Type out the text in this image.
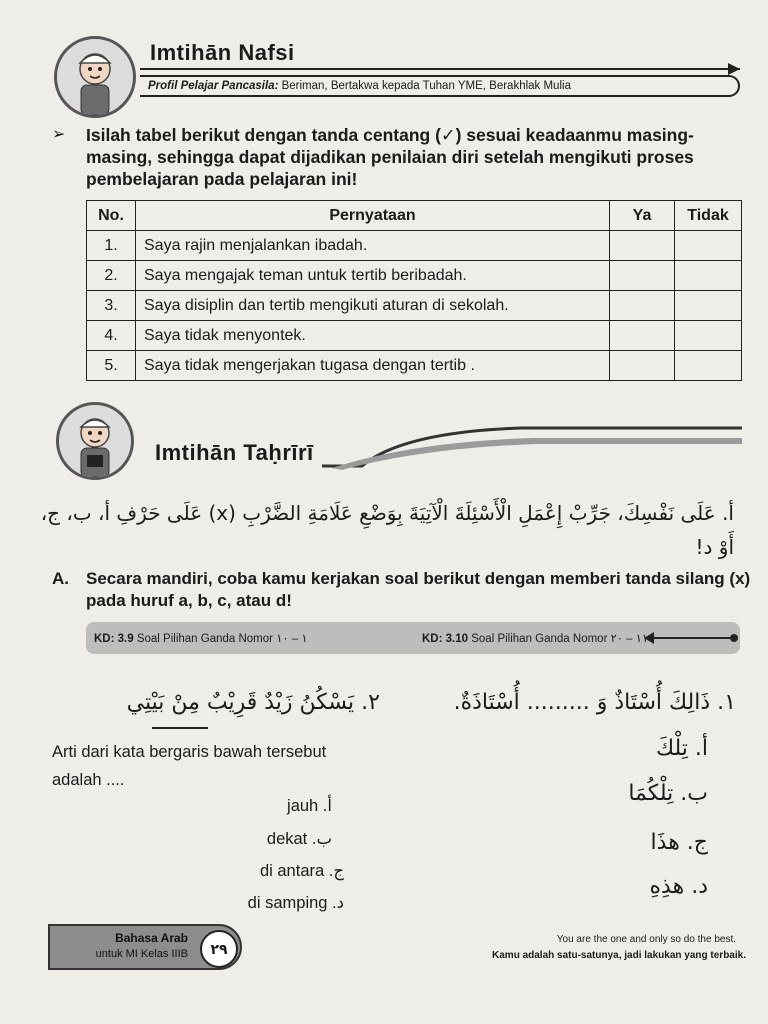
Imtihān Nafsi
Profil Pelajar Pancasila: Beriman, Bertakwa kepada Tuhan YME, Berakhlak Mulia
➢ Isilah tabel berikut dengan tanda centang (✓) sesuai keadaanmu masing-masing, sehingga dapat dijadikan penilaian diri setelah mengikuti proses pembelajaran pada pelajaran ini!
No.	Pernyataan	Ya	Tidak
1.	Saya rajin menjalankan ibadah.		
2.	Saya mengajak teman untuk tertib beribadah.		
3.	Saya disiplin dan tertib mengikuti aturan di sekolah.		
4.	Saya tidak menyontek.		
5.	Saya tidak mengerjakan tugasa dengan tertib .		
Imtihān Taḥrīrī
أ. عَلَى نَفْسِكَ، جَرِّبْ إِعْمَلِ الْأَسْئِلَةَ الْآتِيَةَ بِوَضْعِ عَلَامَةِ الضَّرْبِ (x) عَلَى حَرْفِ أ، ب، ج، أَوْ د!
A. Secara mandiri, coba kamu kerjakan soal berikut dengan memberi tanda silang (x) pada huruf a, b, c, atau d!
KD: 3.9 Soal Pilihan Ganda Nomor ١ – ١٠	KD: 3.10 Soal Pilihan Ganda Nomor ١١ – ٢٠
٢. يَسْكُنُ زَيْدٌ قَرِيْبٌ مِنْ بَيْتِي
Arti dari kata bergaris bawah tersebut adalah ....
jauh .أ
dekat .ب
di antara .ج
di samping .د
١. ذَالِكَ أُسْتَاذٌ وَ ......... أُسْتَاذَةٌ.
أ. تِلْكَ
ب. تِلْكُمَا
ج. هذَا
د. هذِهِ
Bahasa Arab
untuk MI Kelas IIIB	٢٩
You are the one and only so do the best.
Kamu adalah satu-satunya, jadi lakukan yang terbaik.
